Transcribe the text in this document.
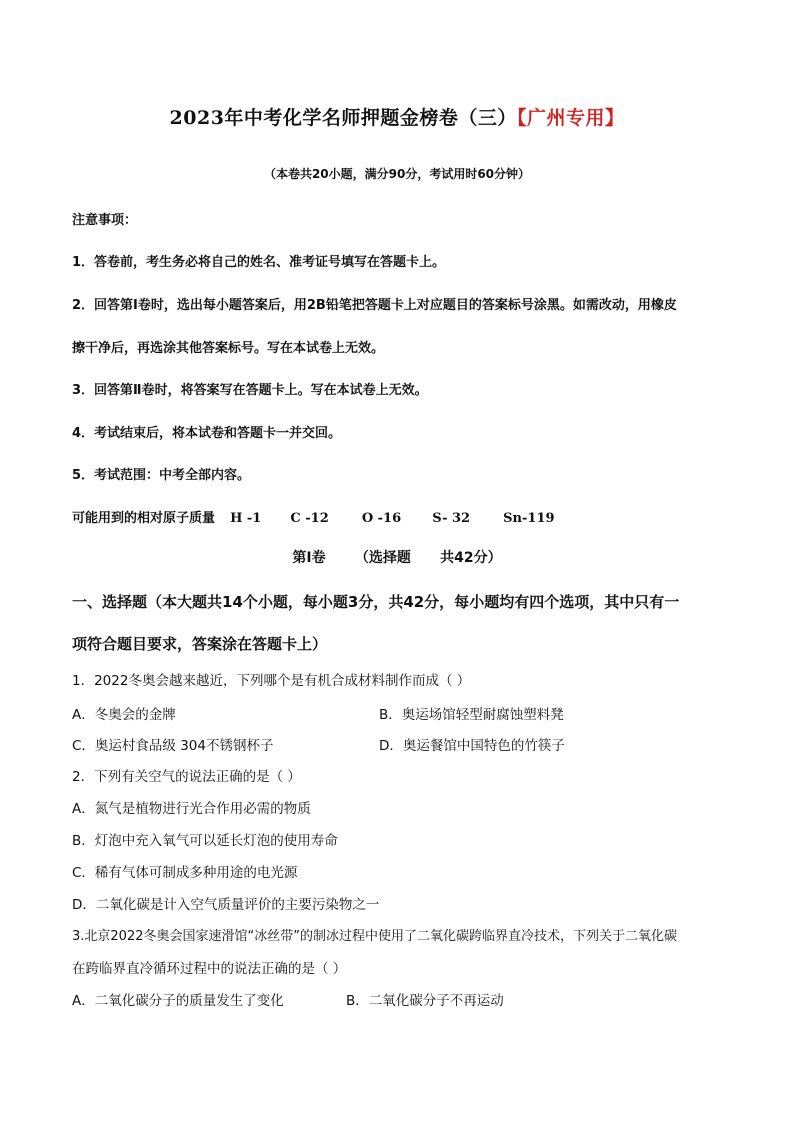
2023年中考化学名师押题金榜卷（三）【广州专用】
（本卷共20小题，满分90分，考试用时60分钟）
注意事项：
1．答卷前，考生务必将自己的姓名、准考证号填写在答题卡上。
2．回答第Ⅰ卷时，选出每小题答案后，用2B铅笔把答题卡上对应题目的答案标号涂黑。如需改动，用橡皮
擦干净后，再选涂其他答案标号。写在本试卷上无效。
3．回答第Ⅱ卷时，将答案写在答题卡上。写在本试卷上无效。
4．考试结束后，将本试卷和答题卡一并交回。
5．考试范围：中考全部内容。
可能用到的相对原子质量 H -1 C -12	O -16 S- 32	Sn-119
第Ⅰ卷      （选择题      共42分）
一、选择题（本大题共14个小题，每小题3分，共42分，每小题均有四个选项，其中只有一
项符合题目要求，答案涂在答题卡上）
1．2022冬奥会越来越近，下列哪个是有机合成材料制作而成（ ）
A．冬奥会的金牌	B．奥运场馆轻型耐腐蚀塑料凳
C．奥运村食品级 304不锈钢杯子	D．奥运餐馆中国特色的竹筷子
2．下列有关空气的说法正确的是（ ）
A．氮气是植物进行光合作用必需的物质
B．灯泡中充入氧气可以延长灯泡的使用寿命
C．稀有气体可制成多种用途的电光源
D．二氧化碳是计入空气质量评价的主要污染物之一
3.北京2022冬奥会国家速滑馆“冰丝带”的制冰过程中使用了二氧化碳跨临界直冷技术，下列关于二氧化碳
在跨临界直冷循环过程中的说法正确的是（ ）
A．二氧化碳分子的质量发生了变化	B．二氧化碳分子不再运动
